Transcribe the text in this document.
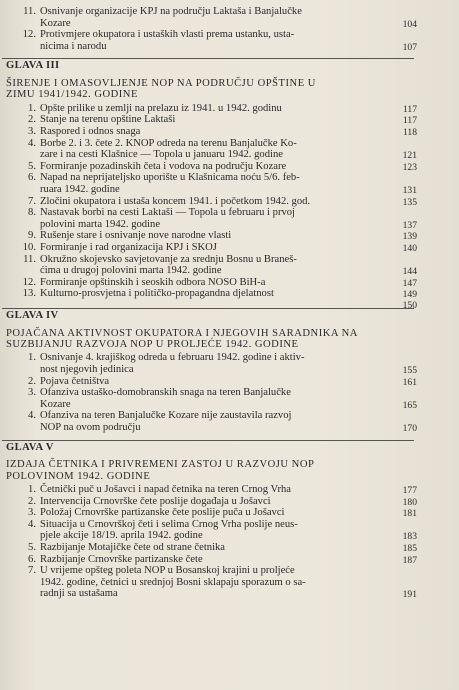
11. Osnivanje organizacije KPJ na području Laktaša i Banjalučke
Kozare	104
12. Protivmjere okupatora i ustaških vlasti prema ustanku, usta-
nicima i narodu	107
GLAVA III
ŠIRENJE I OMASOVLJENJE NOP NA PODRUČJU OPŠTINE U
ZIMU 1941/1942. GODINE
1. Opšte prilike u zemlji na prelazu iz 1941. u 1942. godinu	117
2. Stanje na terenu opštine Laktaši	117
3. Raspored i odnos snaga	118
4. Borbe 2. i 3. čete 2. KNOP odreda na terenu Banjalučke Ko-
zare i na cesti Klašnice — Topola u januaru 1942. godine	121
5. Formiranje pozadinskih četa i vodova na području Kozare	123
6. Napad na neprijateljsko uporište u Klašnicama noću 5/6. feb-
ruara 1942. godine	131
7. Zločini okupatora i ustaša koncem 1941. i početkom 1942. god.	135
8. Nastavak borbi na cesti Laktaši — Topola u februaru i prvoj
polovini marta 1942. godine	137
9. Rušenje stare i osnivanje nove narodne vlasti	139
10. Formiranje i rad organizacija KPJ i SKOJ	140
11. Okružno skojevsko savjetovanje za srednju Bosnu u Braneš-
ćima u drugoj polovini marta 1942. godine	144
12. Formiranje opštinskih i seoskih odbora NOSO BiH-a	147
13. Kulturno-prosvjetna i političko-propagandna djelatnost	149
150
GLAVA IV
POJAČANA AKTIVNOST OKUPATORA I NJEGOVIH SARADNIKA NA
SUZBIJANJU RAZVOJA NOP U PROLJEĆE 1942. GODINE
1. Osnivanje 4. krajiškog odreda u februaru 1942. godine i aktiv-
nost njegovih jedinica	155
2. Pojava četništva	161
3. Ofanziva ustaško-domobranskih snaga na teren Banjalučke
Kozare	165
4. Ofanziva na teren Banjalučke Kozare nije zaustavila razvoj
NOP na ovom području	170
GLAVA V
IZDAJA ČETNIKA I PRIVREMENI ZASTOJ U RAZVOJU NOP
POLOVINOM 1942. GODINE
1. Četnički puč u Jošavci i napad četnika na teren Crnog Vrha	177
2. Intervencija Crnovrške čete poslije događaja u Jošavci	180
3. Položaj Crnovrške partizanske čete poslije puča u Jošavci	181
4. Situacija u Crnovrškoj četi i selima Crnog Vrha poslije neus-
pjele akcije 18/19. aprila 1942. godine	183
5. Razbijanje Motajičke čete od strane četnika	185
6. Razbijanje Crnovrške partizanske čete	187
7. U vrijeme opšteg poleta NOP u Bosanskoj krajini u proljeće
1942. godine, četnici u srednjoj Bosni sklapaju sporazum o sa-
radnji sa ustašama	191
